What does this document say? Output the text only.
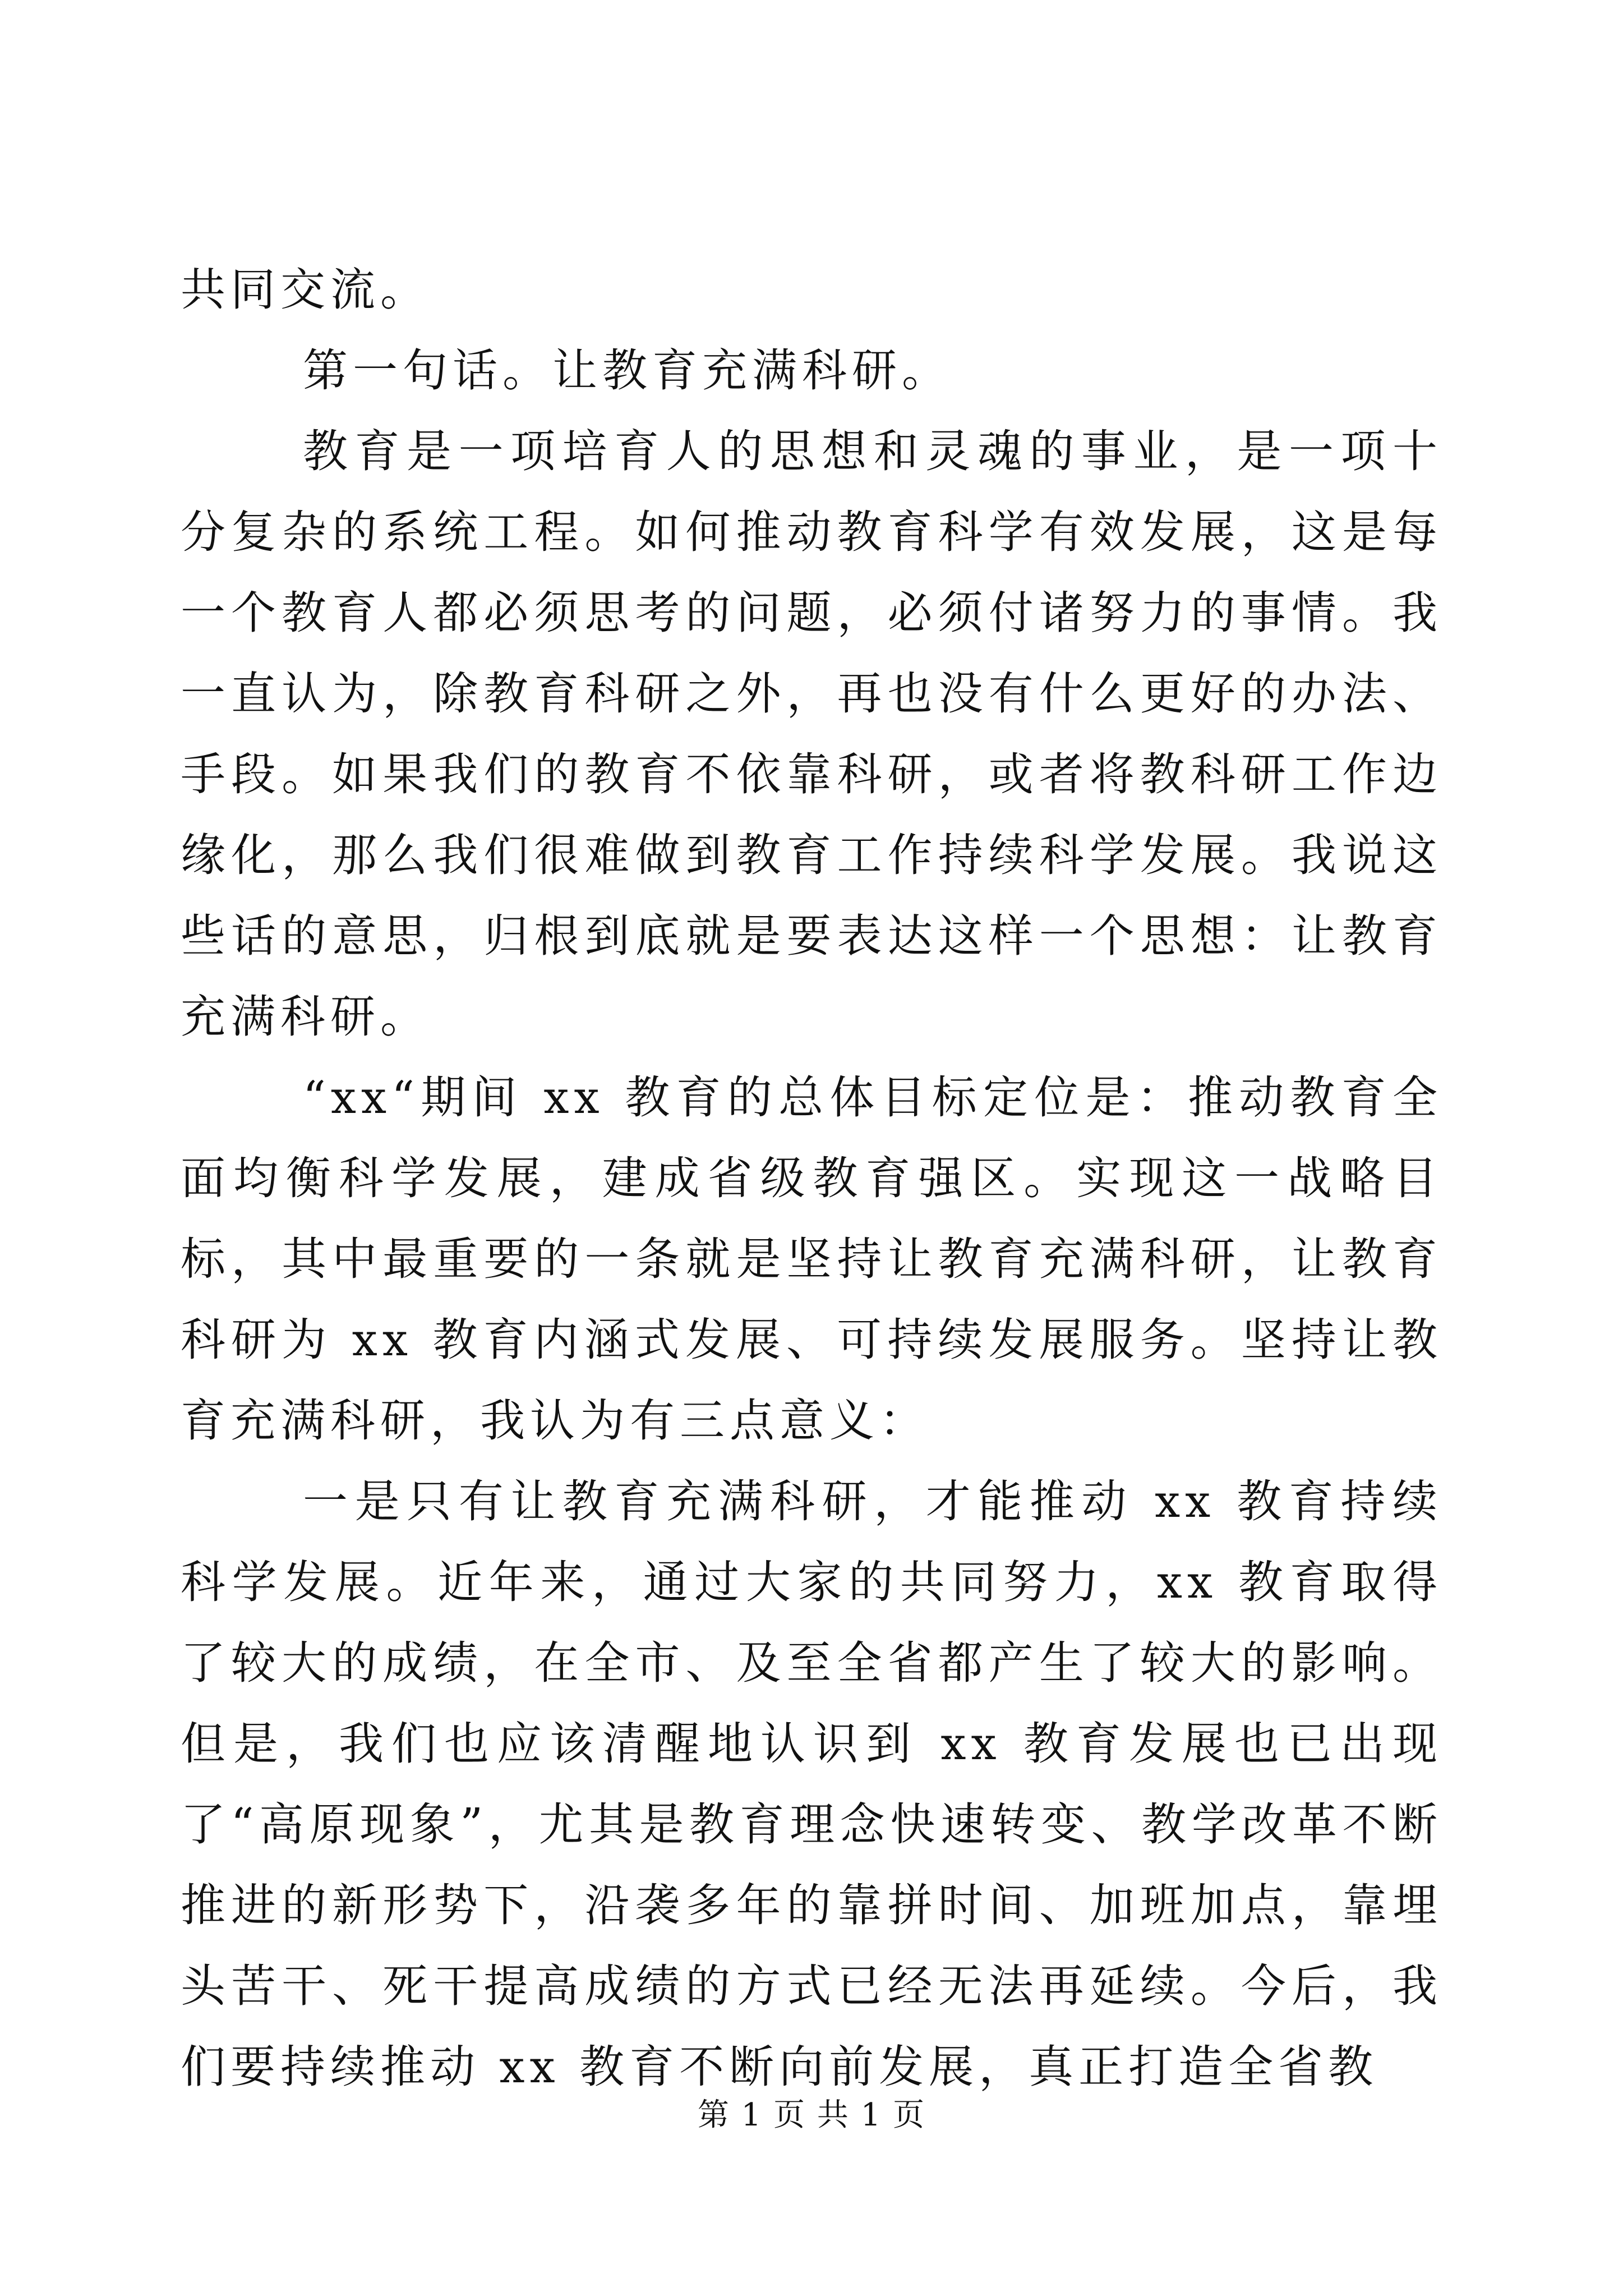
共同交流。

第一句话。让教育充满科研。

教育是一项培育人的思想和灵魂的事业，是一项十分复杂的系统工程。如何推动教育科学有效发展，这是每一个教育人都必须思考的问题，必须付诸努力的事情。我一直认为，除教育科研之外，再也没有什么更好的办法、手段。如果我们的教育不依靠科研，或者将教科研工作边缘化，那么我们很难做到教育工作持续科学发展。我说这些话的意思，归根到底就是要表达这样一个思想：让教育充满科研。

“xx“期间 xx 教育的总体目标定位是：推动教育全面均衡科学发展，建成省级教育强区。实现这一战略目标，其中最重要的一条就是坚持让教育充满科研，让教育科研为 xx 教育内涵式发展、可持续发展服务。坚持让教育充满科研，我认为有三点意义：

一是只有让教育充满科研，才能推动 xx 教育持续科学发展。近年来，通过大家的共同努力，xx 教育取得了较大的成绩，在全市、及至全省都产生了较大的影响。但是，我们也应该清醒地认识到 xx 教育发展也已出现了“高原现象”，尤其是教育理念快速转变、教学改革不断推进的新形势下，沿袭多年的靠拼时间、加班加点，靠埋头苦干、死干提高成绩的方式已经无法再延续。今后，我们要持续推动 xx 教育不断向前发展，真正打造全省教

第 1 页 共 1 页
